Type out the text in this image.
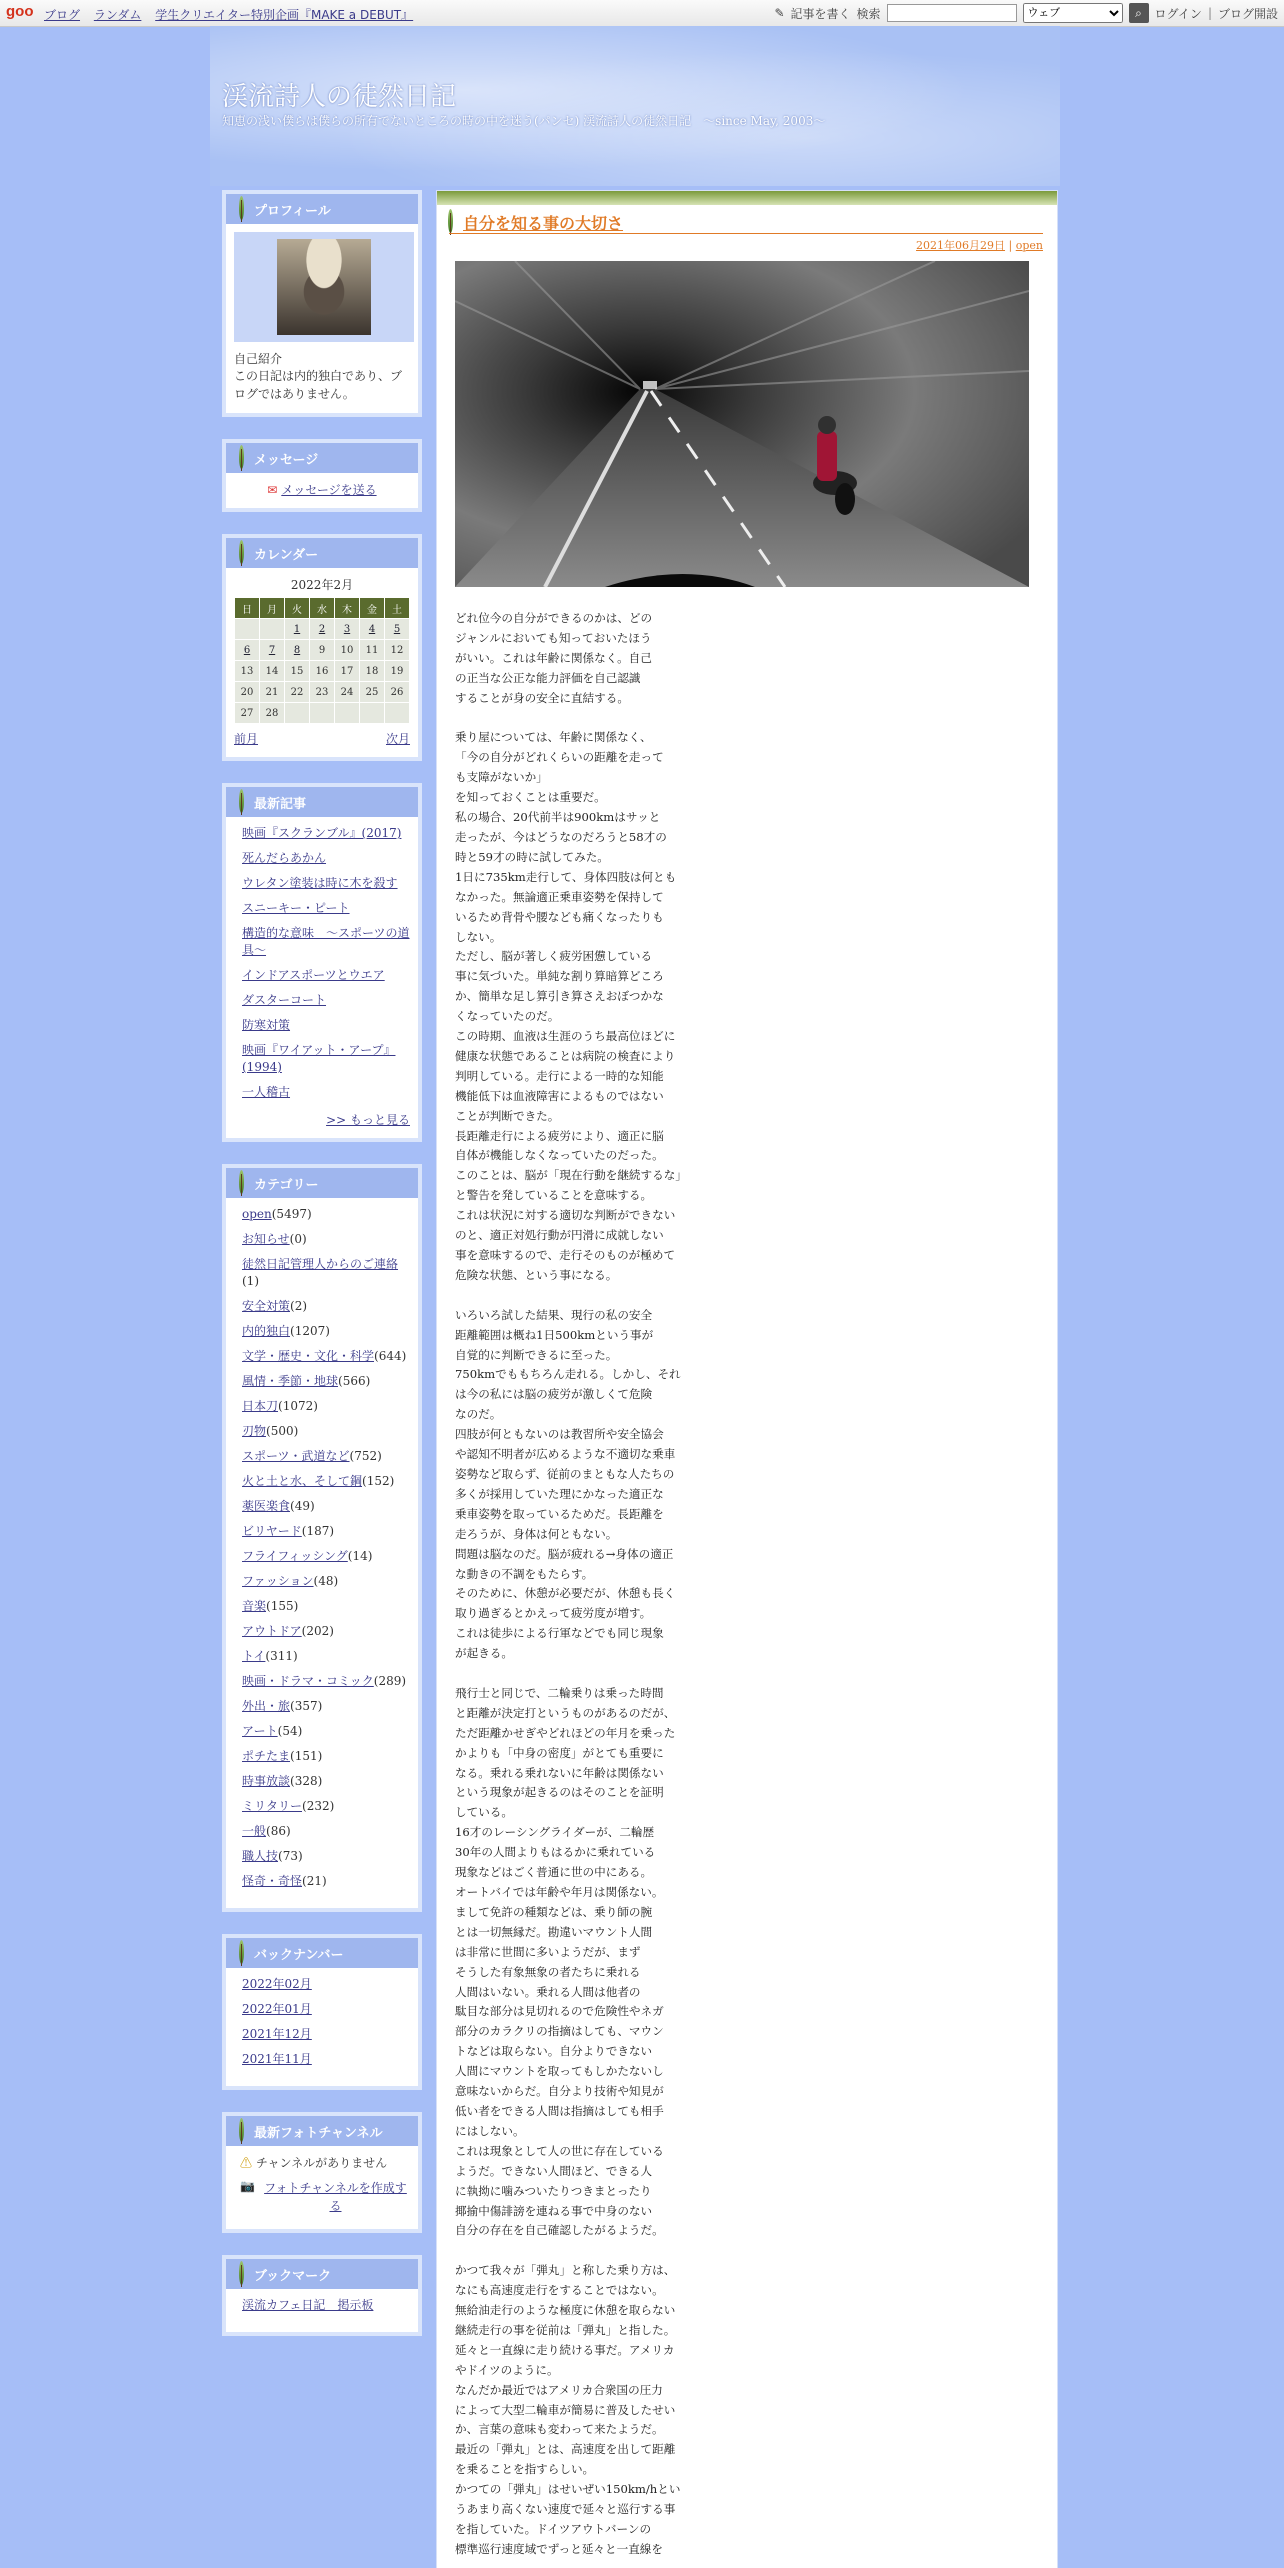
goo ブログ ランダム 学生クリエイター特別企画『MAKE a DEBUT』	✎ 記事を書く 検索
ウェブ	⌕ ログイン | ブログ開設
渓流詩人の徒然日記
知恵の浅い僕らは僕らの所有でないところの時の中を迷う(パンセ) 渓流詩人の徒然日記　～since May, 2003～
プロフィール
自己紹介
この日記は内的独白であり、ブログではありません。
メッセージ
✉ メッセージを送る
カレンダー
2022年2月
日	月	火	水	木	金	土
		1	2	3	4	5
6	7	8	9	10	11	12
13	14	15	16	17	18	19
20	21	22	23	24	25	26
27	28					
前月	次月
最新記事
映画『スクランブル』(2017)
死んだらあかん
ウレタン塗装は時に木を殺す
スニーキー・ピート
構造的な意味　～スポーツの道具～
インドアスポーツとウエア
ダスターコート
防寒対策
映画『ワイアット・アープ』(1994)
一人稽古
>> もっと見る
カテゴリー
open(5497)
お知らせ(0)
徒然日記管理人からのご連絡(1)
安全対策(2)
内的独白(1207)
文学・歴史・文化・科学(644)
風情・季節・地球(566)
日本刀(1072)
刃物(500)
スポーツ・武道など(752)
火と土と水、そして鋼(152)
薬医楽食(49)
ビリヤード(187)
フライフィッシング(14)
ファッション(48)
音楽(155)
アウトドア(202)
トイ(311)
映画・ドラマ・コミック(289)
外出・旅(357)
アート(54)
ポチたま(151)
時事放談(328)
ミリタリー(232)
一般(86)
職人技(73)
怪奇・奇怪(21)
バックナンバー
2022年02月
2022年01月
2021年12月
2021年11月
最新フォトチャンネル
⚠ チャンネルがありません
📷 フォトチャンネルを作成する
ブックマーク
渓流カフェ日記　掲示板
自分を知る事の大切さ
2021年06月29日 | open
どれ位今の自分ができるのかは、どの
ジャンルにおいても知っておいたほう
がいい。これは年齢に関係なく。自己
の正当な公正な能力評価を自己認識
することが身の安全に直結する。

乗り屋については、年齢に関係なく、
「今の自分がどれくらいの距離を走って
も支障がないか」
を知っておくことは重要だ。
私の場合、20代前半は900kmはサッと
走ったが、今はどうなのだろうと58才の
時と59才の時に試してみた。
1日に735km走行して、身体四肢は何とも
なかった。無論適正乗車姿勢を保持して
いるため背骨や腰なども痛くなったりも
しない。
ただし、脳が著しく疲労困憊している
事に気づいた。単純な割り算暗算どころ
か、簡単な足し算引き算さえおぼつかな
くなっていたのだ。
この時期、血液は生涯のうち最高位ほどに
健康な状態であることは病院の検査により
判明している。走行による一時的な知能
機能低下は血液障害によるものではない
ことが判断できた。
長距離走行による疲労により、適正に脳
自体が機能しなくなっていたのだった。
このことは、脳が「現在行動を継続するな」
と警告を発していることを意味する。
これは状況に対する適切な判断ができない
のと、適正対処行動が円滑に成就しない
事を意味するので、走行そのものが極めて
危険な状態、という事になる。

いろいろ試した結果、現行の私の安全
距離範囲は概ね1日500kmという事が
自覚的に判断できるに至った。
750kmでももちろん走れる。しかし、それ
は今の私には脳の疲労が激しくて危険
なのだ。
四肢が何ともないのは教習所や安全協会
や認知不明者が広めるような不適切な乗車
姿勢など取らず、従前のまともな人たちの
多くが採用していた理にかなった適正な
乗車姿勢を取っているためだ。長距離を
走ろうが、身体は何ともない。
問題は脳なのだ。脳が疲れる→身体の適正
な動きの不調をもたらす。
そのために、休憩が必要だが、休憩も長く
取り過ぎるとかえって疲労度が増す。
これは徒歩による行軍などでも同じ現象
が起きる。

飛行士と同じで、二輪乗りは乗った時間
と距離が決定打というものがあるのだが、
ただ距離かせぎやどれほどの年月を乗った
かよりも「中身の密度」がとても重要に
なる。乗れる乗れないに年齢は関係ない
という現象が起きるのはそのことを証明
している。
16才のレーシングライダーが、二輪歴
30年の人間よりもはるかに乗れている
現象などはごく普通に世の中にある。
オートバイでは年齢や年月は関係ない。
まして免許の種類などは、乗り師の腕
とは一切無縁だ。勘違いマウント人間
は非常に世間に多いようだが、まず
そうした有象無象の者たちに乗れる
人間はいない。乗れる人間は他者の
駄目な部分は見切れるので危険性やネガ
部分のカラクリの指摘はしても、マウン
トなどは取らない。自分よりできない
人間にマウントを取ってもしかたないし
意味ないからだ。自分より技術や知見が
低い者をできる人間は指摘はしても相手
にはしない。
これは現象として人の世に存在している
ようだ。できない人間ほど、できる人
に執拗に噛みついたりつきまとったり
揶揄中傷誹謗を連ねる事で中身のない
自分の存在を自己確認したがるようだ。

かつて我々が「弾丸」と称した乗り方は、
なにも高速度走行をすることではない。
無給油走行のような極度に休憩を取らない
継続走行の事を従前は「弾丸」と指した。
延々と一直線に走り続ける事だ。アメリカ
やドイツのように。
なんだか最近ではアメリカ合衆国の圧力
によって大型二輪車が簡易に普及したせい
か、言葉の意味も変わって来たようだ。
最近の「弾丸」とは、高速度を出して距離
を乗ることを指すらしい。
かつての「弾丸」はせいぜい150km/hとい
うあまり高くない速度で延々と巡行する事
を指していた。ドイツアウトバーンの
標準巡行速度域でずっと延々と一直線を
